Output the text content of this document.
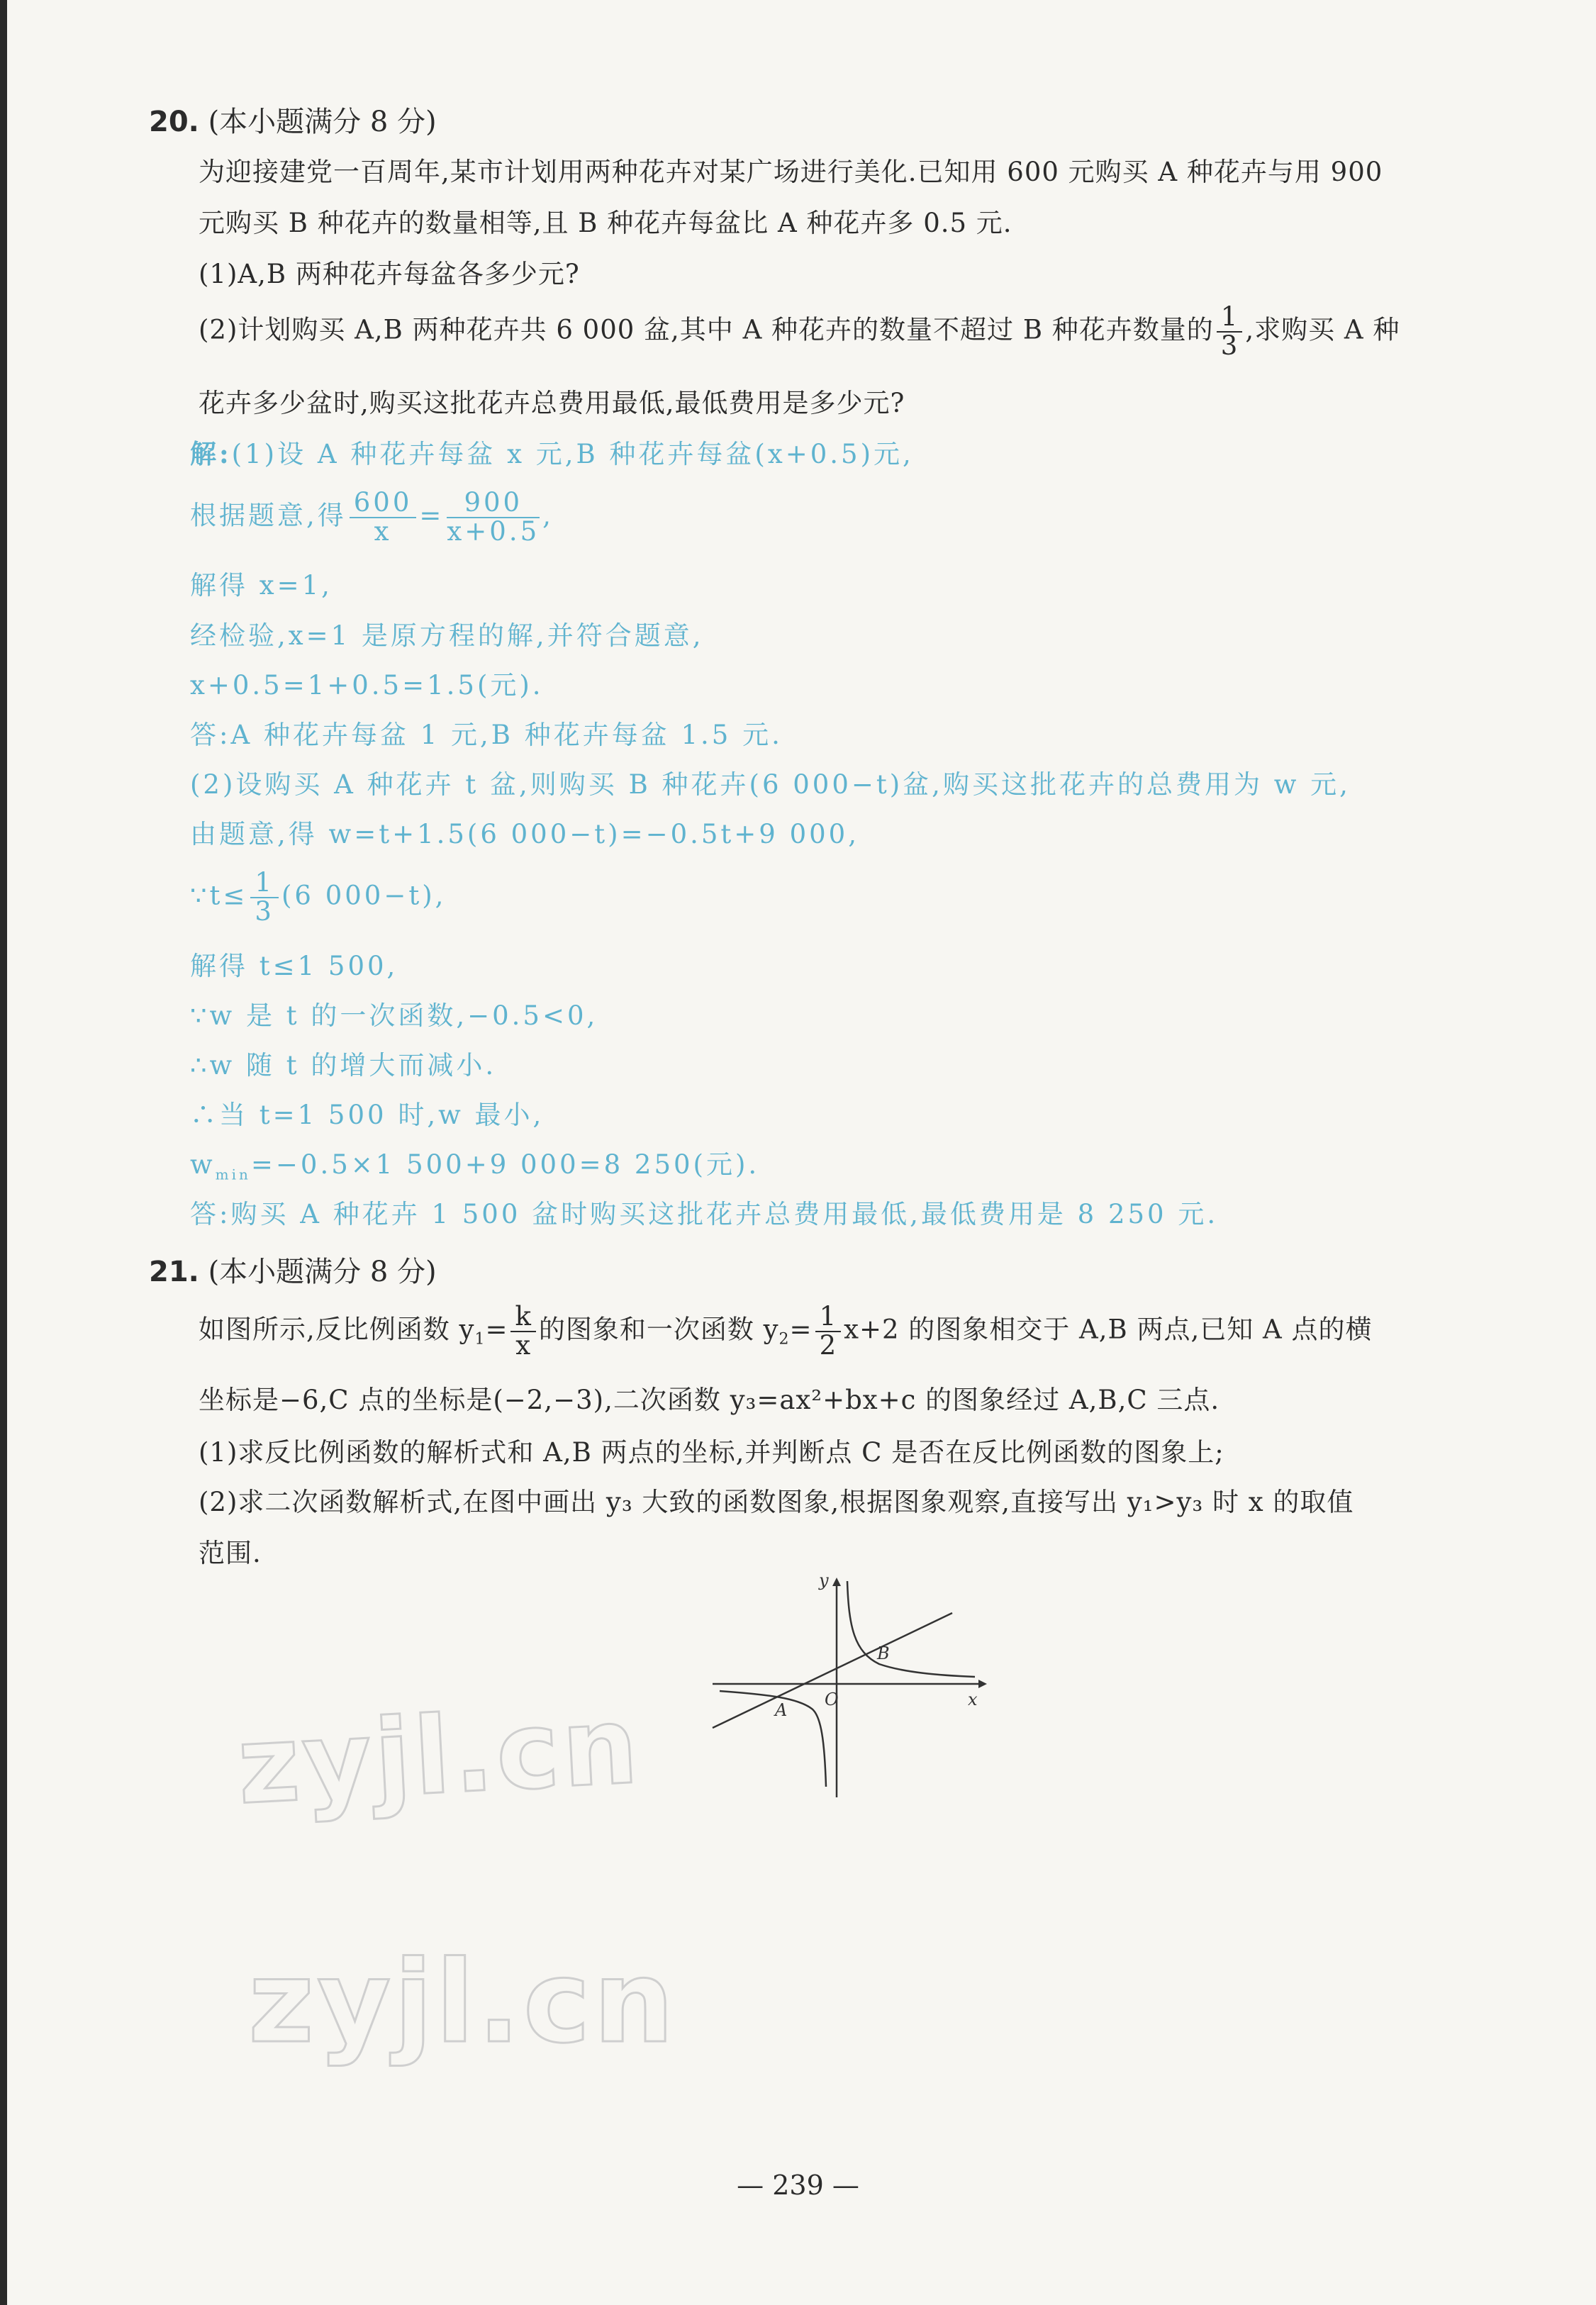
20. (本小题满分 8 分)
为迎接建党一百周年,某市计划用两种花卉对某广场进行美化.已知用 600 元购买 A 种花卉与用 900
元购买 B 种花卉的数量相等,且 B 种花卉每盆比 A 种花卉多 0.5 元.
(1)A,B 两种花卉每盆各多少元?
(2)计划购买 A,B 两种花卉共 6 000 盆,其中 A 种花卉的数量不超过 B 种花卉数量的 $\frac{1}{3}$ ,求购买 A 种
花卉多少盆时,购买这批花卉总费用最低,最低费用是多少元?
解:(1)设 A 种花卉每盆 x 元,B 种花卉每盆(x+0.5)元,
根据题意,得 $\frac{600}{x} = \frac{900}{x+0.5}$ ,
解得 x=1,
经检验,x=1 是原方程的解,并符合题意,
x+0.5=1+0.5=1.5(元).
答:A 种花卉每盆 1 元,B 种花卉每盆 1.5 元.
(2)设购买 A 种花卉 t 盆,则购买 B 种花卉(6 000−t)盆,购买这批花卉的总费用为 w 元,
由题意,得 w=t+1.5(6 000−t)=−0.5t+9 000,
∵t≤ $\frac{1}{3} (6$ 000−t),
解得 t≤1 500,
∵w 是 t 的一次函数,−0.5<0,
∴w 随 t 的增大而减小.
∴当 t=1 500 时,w 最小,
$w_{min}=-0.5\times 1$ 500+9 000=8 250(元).
答:购买 A 种花卉 1 500 盆时购买这批花卉总费用最低,最低费用是 8 250 元.
21. (本小题满分 8 分)
如图所示,反比例函数 $y_1= \frac{k}{x}$ 的图象和一次函数 $y_2= \frac{1}{2} x+2$ 的图象相交于 A,B 两点,已知 A 点的横
坐标是−6,C 点的坐标是(−2,−3),二次函数 y₃=ax²+bx+c 的图象经过 A,B,C 三点.
(1)求反比例函数的解析式和 A,B 两点的坐标,并判断点 C 是否在反比例函数的图象上;
(2)求二次函数解析式,在图中画出 y₃ 大致的函数图象,根据图象观察,直接写出 y₁>y₃ 时 x 的取值
范围.
y
x
O
A
B
zyjl.cn
zyjl.cn
— 239 —
